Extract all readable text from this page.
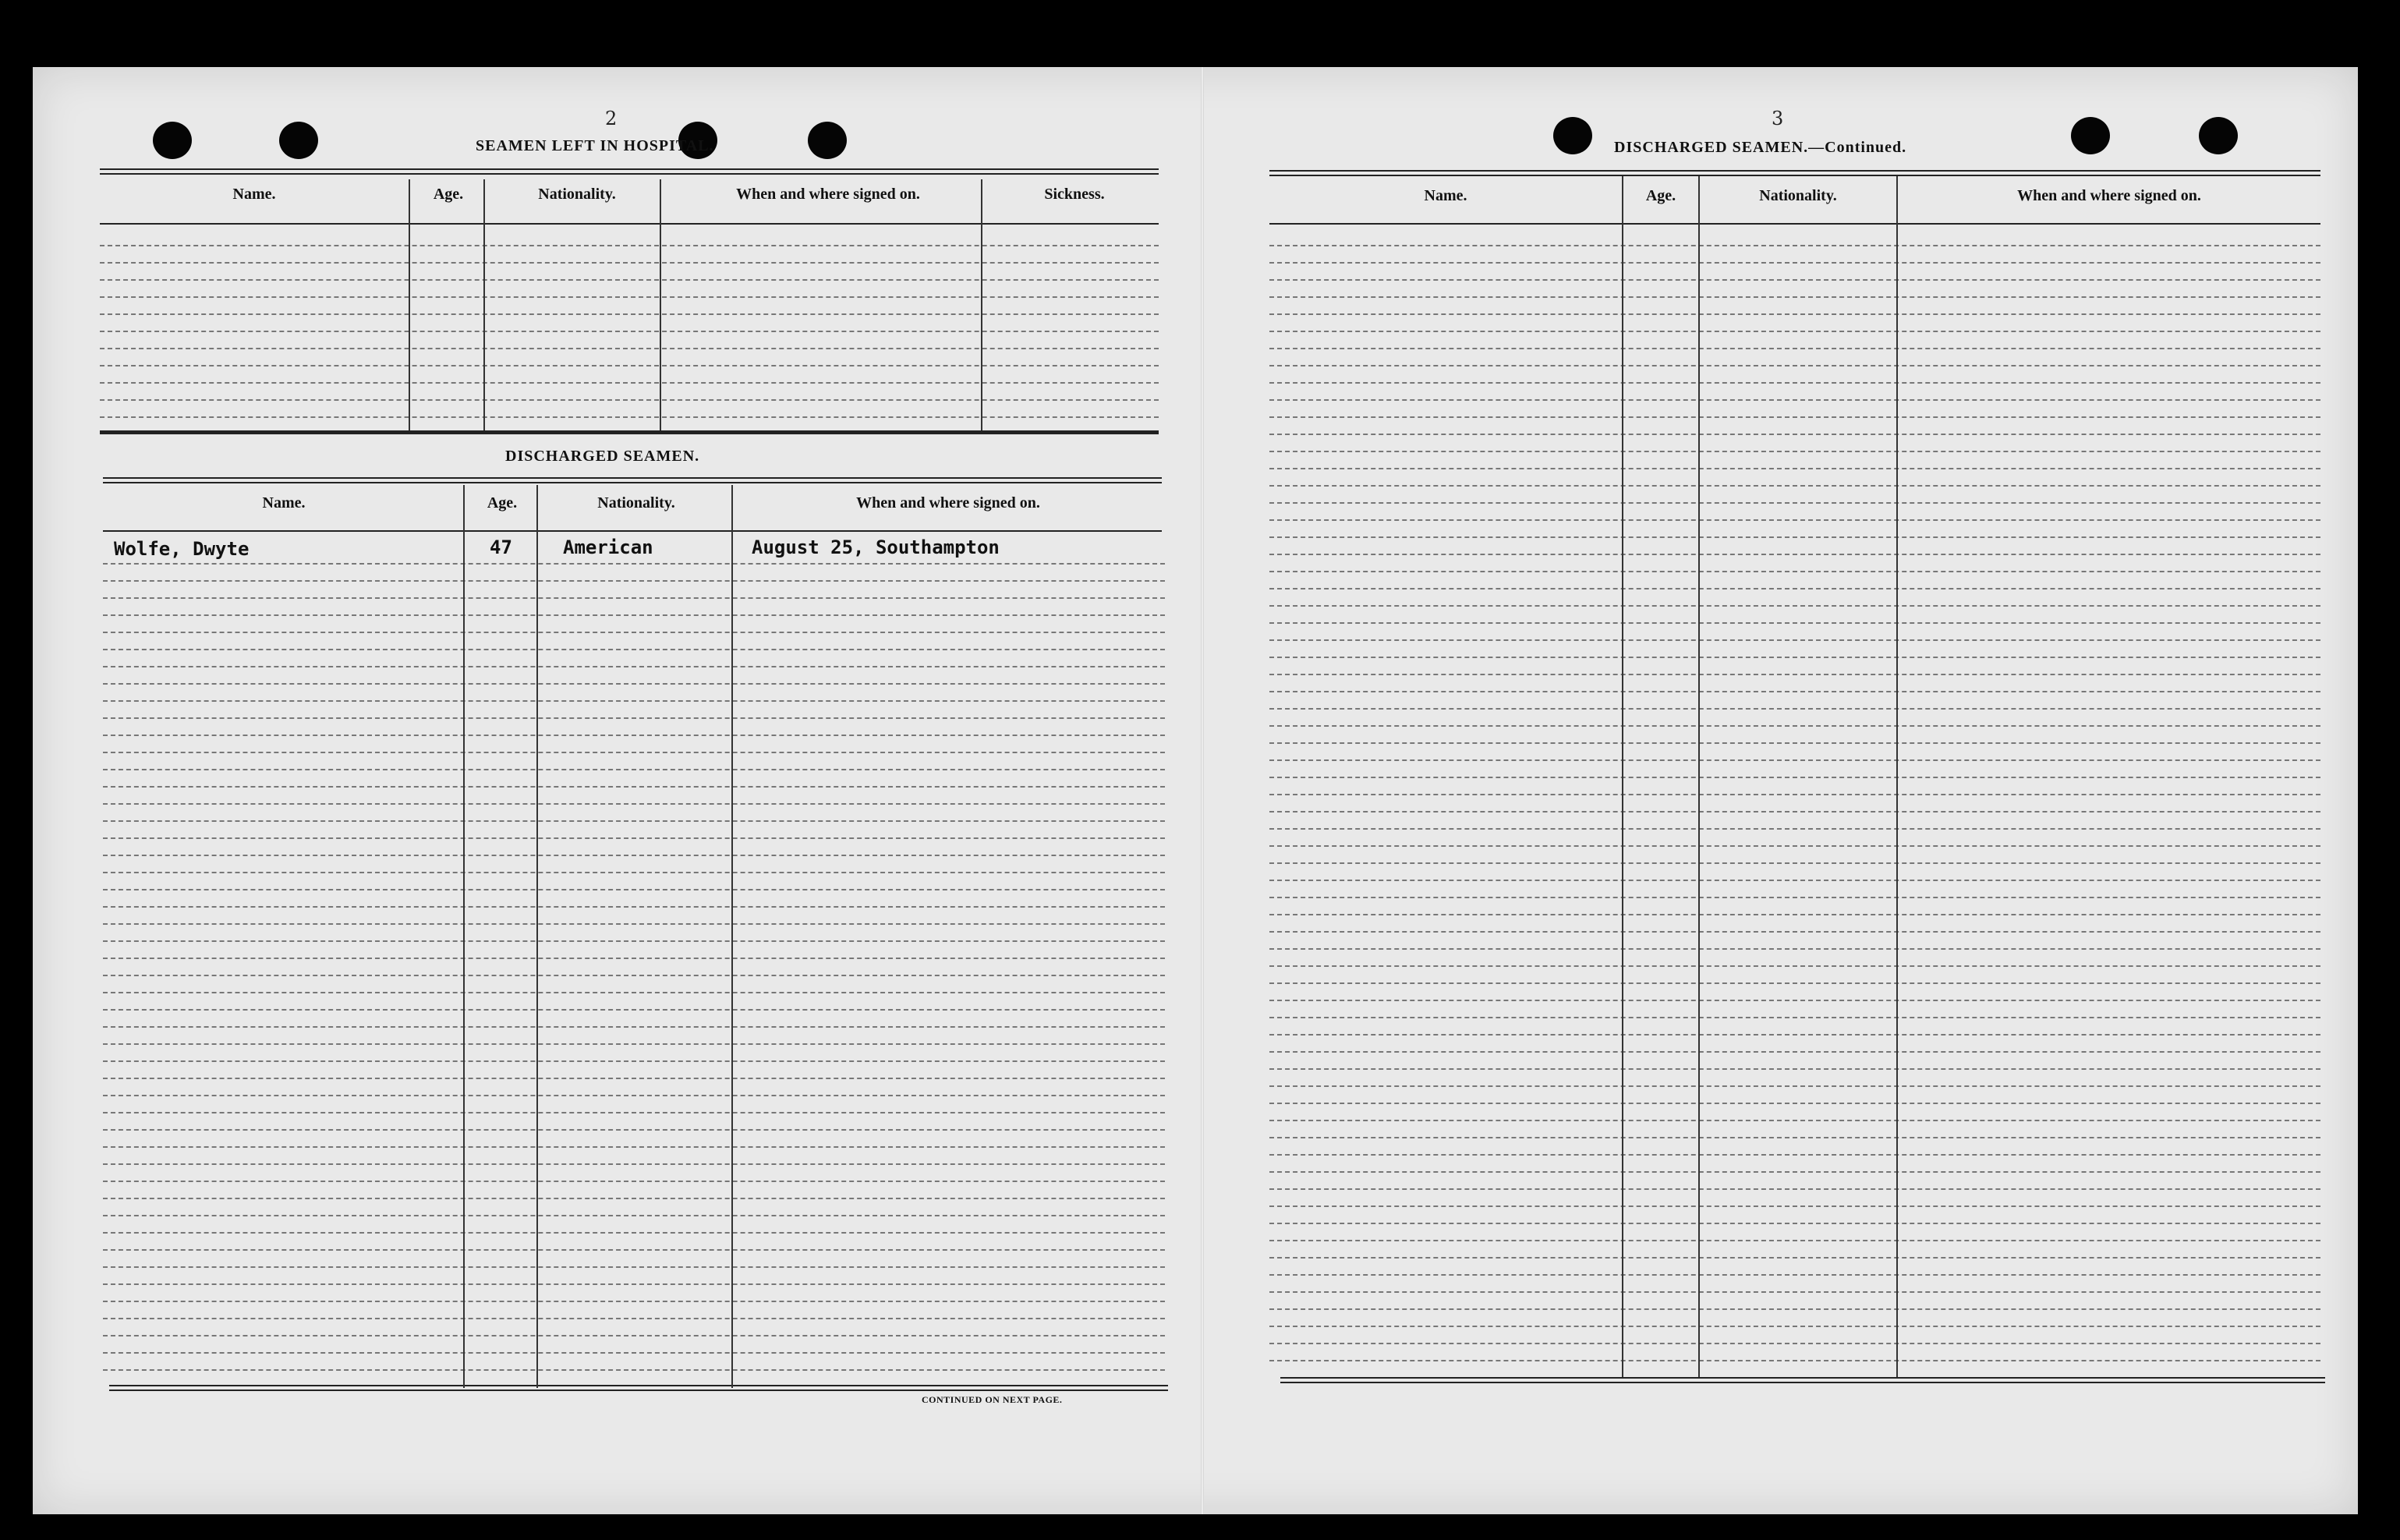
2
SEAMEN LEFT IN HOSPITAL.
Name.	Age.	Nationality.	When and where signed on.	Sickness.
DISCHARGED SEAMEN.
Name.	Age.	Nationality.	When and where signed on.
Wolfe, Dwyte	47	American	August 25, Southampton
CONTINUED ON NEXT PAGE.
3
DISCHARGED SEAMEN.—Continued.
Name.	Age.	Nationality.	When and where signed on.
